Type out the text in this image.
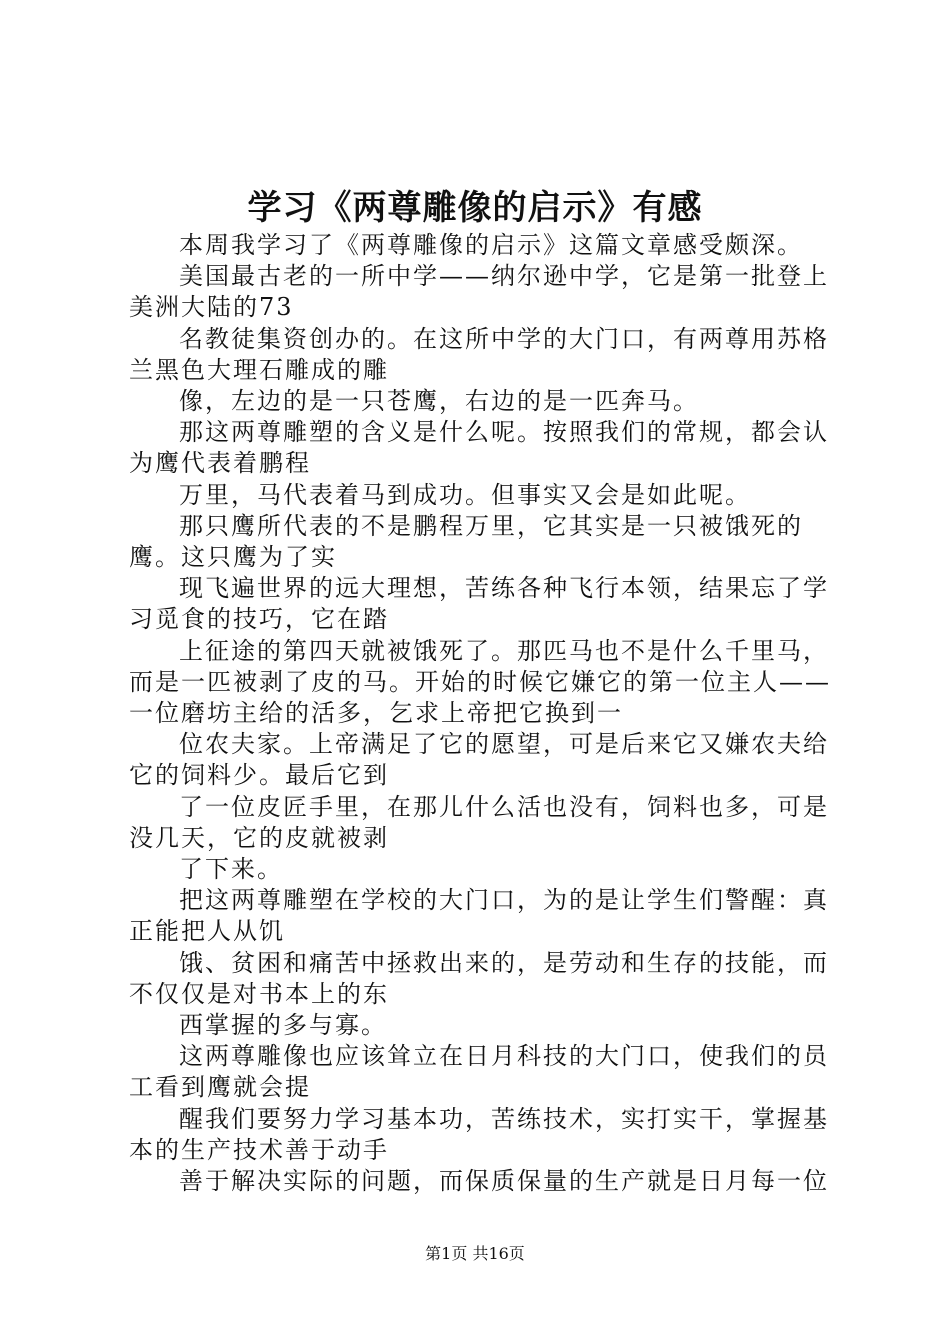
学习《两尊雕像的启示》有感

本周我学习了《两尊雕像的启示》这篇文章感受颇深。

美国最古老的一所中学——纳尔逊中学，它是第一批登上美洲大陆的73

名教徒集资创办的。在这所中学的大门口，有两尊用苏格兰黑色大理石雕成的雕

像，左边的是一只苍鹰，右边的是一匹奔马。

那这两尊雕塑的含义是什么呢。按照我们的常规，都会认为鹰代表着鹏程

万里，马代表着马到成功。但事实又会是如此呢。

那只鹰所代表的不是鹏程万里，它其实是一只被饿死的鹰。这只鹰为了实

现飞遍世界的远大理想，苦练各种飞行本领，结果忘了学习觅食的技巧，它在踏

上征途的第四天就被饿死了。那匹马也不是什么千里马，而是一匹被剥了皮的马。开始的时候它嫌它的第一位主人——一位磨坊主给的活多，乞求上帝把它换到一

位农夫家。上帝满足了它的愿望，可是后来它又嫌农夫给它的饲料少。最后它到

了一位皮匠手里，在那儿什么活也没有，饲料也多，可是没几天，它的皮就被剥

了下来。

把这两尊雕塑在学校的大门口，为的是让学生们警醒：真正能把人从饥

饿、贫困和痛苦中拯救出来的，是劳动和生存的技能，而不仅仅是对书本上的东

西掌握的多与寡。

这两尊雕像也应该耸立在日月科技的大门口，使我们的员工看到鹰就会提

醒我们要努力学习基本功，苦练技术，实打实干，掌握基本的生产技术善于动手

善于解决实际的问题，而保质保量的生产就是日月每一位

第1页 共16页
